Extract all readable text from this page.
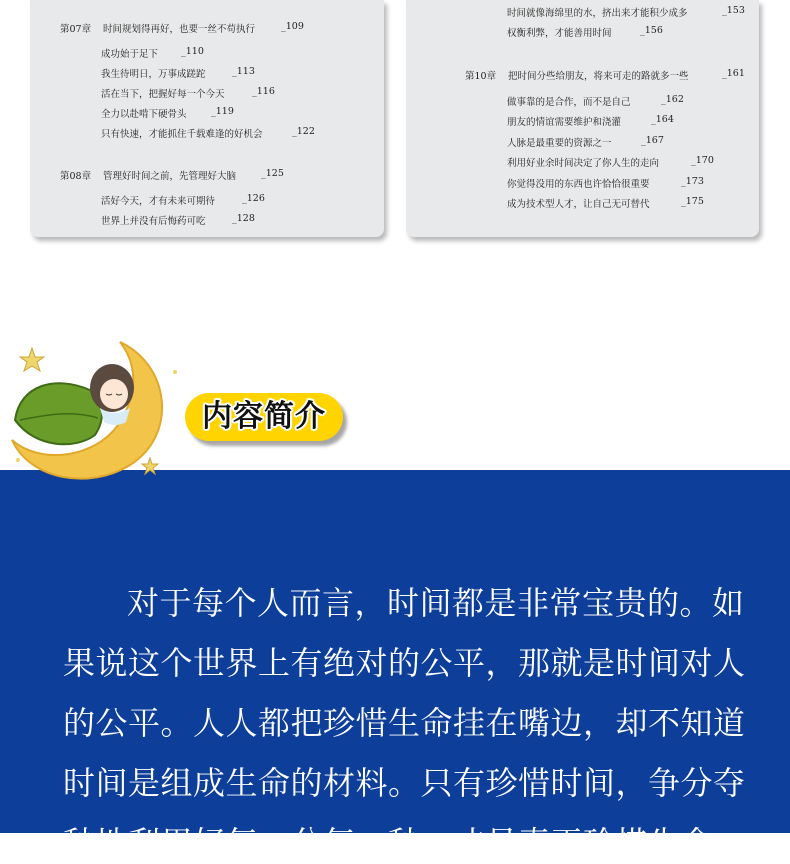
第07章 时间规划得再好，也要一丝不苟执行	_109
成功始于足下 _110
我生待明日，万事成蹉跎	_113
活在当下，把握好每一个今天	_116
全力以赴啃下硬骨头	_119
只有快速，才能抓住千载难逢的好机会	_122
第08章 管理好时间之前，先管理好大脑	_125
活好今天，才有未来可期待	_126
世界上并没有后悔药可吃	_128
时间就像海绵里的水，挤出来才能积少成多	_153
权衡利弊，才能善用时间	_156
第10章 把时间分些给朋友，将来可走的路就多一些	_161
做事靠的是合作，而不是自己	_162
朋友的情谊需要维护和浇灌	_164
人脉是最重要的资源之一	_167
利用好业余时间决定了你人生的走向	_170
你觉得没用的东西也许恰恰很重要	_173
成为技术型人才，让自己无可替代	_175
内容简介
对于每个人而言，时间都是非常宝贵的。如
果说这个世界上有绝对的公平，那就是时间对人
的公平。人人都把珍惜生命挂在嘴边，却不知道
时间是组成生命的材料。只有珍惜时间，争分夺
秒地利用好每一分每一秒，才是真正珍惜生命。
